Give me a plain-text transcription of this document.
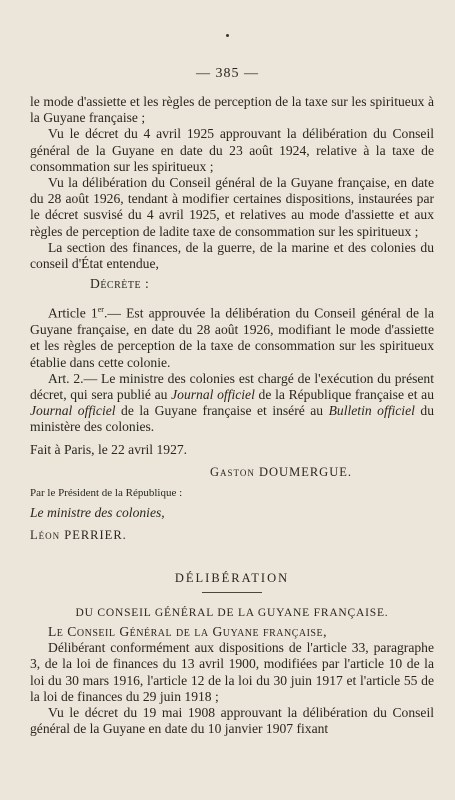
— 385 —

le mode d'assiette et les règles de perception de la taxe sur les spiritueux à la Guyane française ;

Vu le décret du 4 avril 1925 approuvant la délibération du Conseil général de la Guyane en date du 23 août 1924, relative à la taxe de consommation sur les spiritueux ;

Vu la délibération du Conseil général de la Guyane française, en date du 28 août 1926, tendant à modifier certaines dispositions, instaurées par le décret susvisé du 4 avril 1925, et relatives au mode d'assiette et aux règles de perception de ladite taxe de consommation sur les spiritueux ;

La section des finances, de la guerre, de la marine et des colonies du conseil d'État entendue,

Décrète :

Article 1er.— Est approuvée la délibération du Conseil général de la Guyane française, en date du 28 août 1926, modifiant le mode d'assiette et les règles de perception de la taxe de consommation sur les spiritueux établie dans cette colonie.

Art. 2.— Le ministre des colonies est chargé de l'exécution du présent décret, qui sera publié au Journal officiel de la République française et au Journal officiel de la Guyane française et inséré au Bulletin officiel du ministère des colonies.

Fait à Paris, le 22 avril 1927.

Gaston DOUMERGUE.

Par le Président de la République :

Le ministre des colonies,

Léon PERRIER.

DÉLIBÉRATION

DU CONSEIL GÉNÉRAL DE LA GUYANE FRANÇAISE.

Le Conseil Général de la Guyane française,

Délibérant conformément aux dispositions de l'article 33, paragraphe 3, de la loi de finances du 13 avril 1900, modifiées par l'article 10 de la loi du 30 mars 1916, l'article 12 de la loi du 30 juin 1917 et l'article 55 de la loi de finances du 29 juin 1918 ;

Vu le décret du 19 mai 1908 approuvant la délibération du Conseil général de la Guyane en date du 10 janvier 1907 fixant
